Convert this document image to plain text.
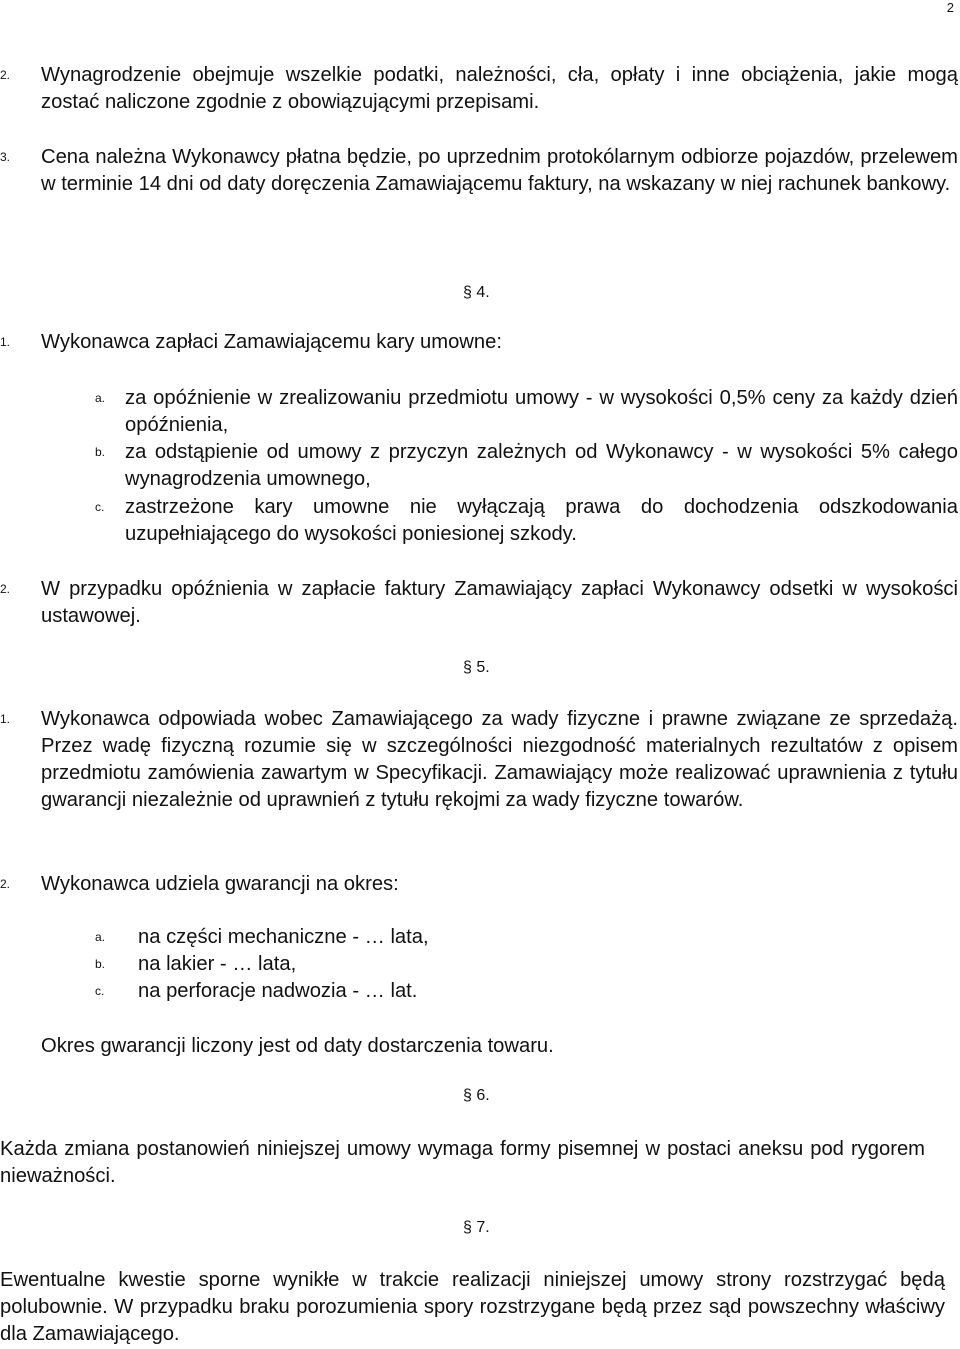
2
2. Wynagrodzenie obejmuje wszelkie podatki, należności, cła, opłaty i inne obciążenia, jakie mogą zostać naliczone zgodnie z obowiązującymi przepisami.
3. Cena należna Wykonawcy płatna będzie, po uprzednim protokólarnym odbiorze pojazdów, przelewem w terminie 14 dni od daty doręczenia Zamawiającemu faktury, na wskazany w niej rachunek bankowy.
§ 4.
1. Wykonawca zapłaci Zamawiającemu kary umowne:
a. za opóźnienie w zrealizowaniu przedmiotu umowy - w wysokości 0,5% ceny za każdy dzień opóźnienia,
b. za odstąpienie od umowy z przyczyn zależnych od Wykonawcy - w wysokości 5% całego wynagrodzenia umownego,
c. zastrzeżone kary umowne nie wyłączają prawa do dochodzenia odszkodowania uzupełniającego do wysokości poniesionej szkody.
2. W przypadku opóźnienia w zapłacie faktury Zamawiający zapłaci Wykonawcy odsetki w wysokości ustawowej.
§ 5.
1. Wykonawca odpowiada wobec Zamawiającego za wady fizyczne i prawne związane ze sprzedażą. Przez wadę fizyczną rozumie się w szczególności niezgodność materialnych rezultatów z opisem przedmiotu zamówienia zawartym w Specyfikacji. Zamawiający może realizować uprawnienia z tytułu gwarancji niezależnie od uprawnień z tytułu rękojmi za wady fizyczne towarów.
2. Wykonawca udziela gwarancji na okres:
a. na części mechaniczne - … lata,
b. na lakier - … lata,
c. na perforacje nadwozia - … lat.
Okres gwarancji liczony jest od daty dostarczenia towaru.
§ 6.
Każda zmiana postanowień niniejszej umowy wymaga formy pisemnej w postaci aneksu pod rygorem nieważności.
§ 7.
Ewentualne kwestie sporne wynikłe w trakcie realizacji niniejszej umowy strony rozstrzygać będą polubownie. W przypadku braku porozumienia spory rozstrzygane będą przez sąd powszechny właściwy dla Zamawiającego.
